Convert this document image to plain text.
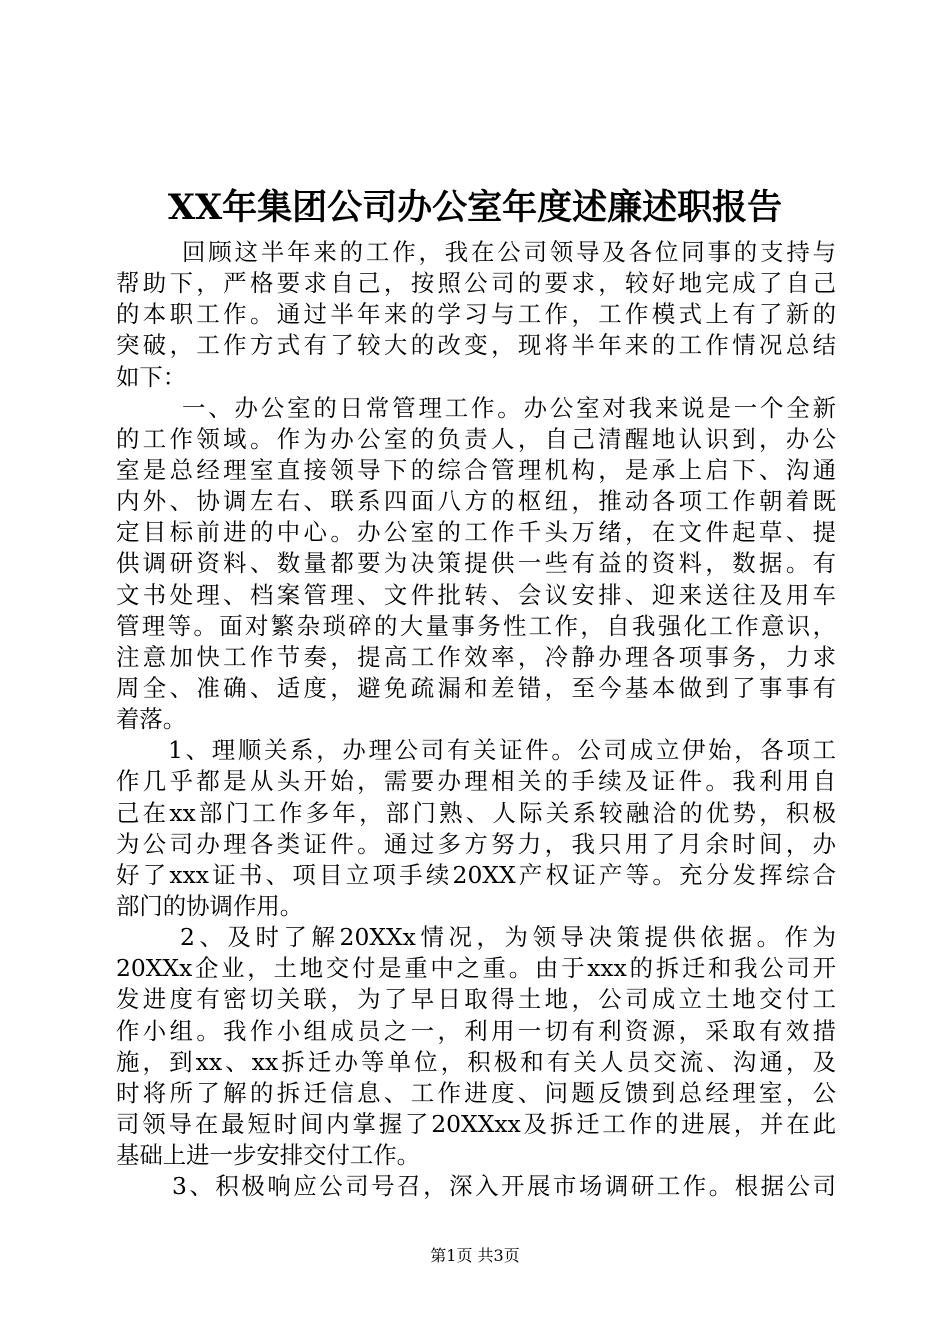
XX年集团公司办公室年度述廉述职报告
回顾这半年来的工作，我在公司领导及各位同事的支持与
帮助下，严格要求自己，按照公司的要求，较好地完成了自己
的本职工作。通过半年来的学习与工作，工作模式上有了新的
突破，工作方式有了较大的改变，现将半年来的工作情况总结
如下：
一、办公室的日常管理工作。办公室对我来说是一个全新
的工作领域。作为办公室的负责人，自己清醒地认识到，办公
室是总经理室直接领导下的综合管理机构，是承上启下、沟通
内外、协调左右、联系四面八方的枢纽，推动各项工作朝着既
定目标前进的中心。办公室的工作千头万绪，在文件起草、提
供调研资料、数量都要为决策提供一些有益的资料，数据。有
文书处理、档案管理、文件批转、会议安排、迎来送往及用车
管理等。面对繁杂琐碎的大量事务性工作，自我强化工作意识，
注意加快工作节奏，提高工作效率，冷静办理各项事务，力求
周全、准确、适度，避免疏漏和差错，至今基本做到了事事有
着落。
1、理顺关系，办理公司有关证件。公司成立伊始，各项工
作几乎都是从头开始，需要办理相关的手续及证件。我利用自
己在xx部门工作多年，部门熟、人际关系较融洽的优势，积极
为公司办理各类证件。通过多方努力，我只用了月余时间，办
好了xxx证书、项目立项手续20XX产权证产等。充分发挥综合
部门的协调作用。
2、及时了解20XXx情况，为领导决策提供依据。作为
20XXx企业，土地交付是重中之重。由于xxx的拆迁和我公司开
发进度有密切关联，为了早日取得土地，公司成立土地交付工
作小组。我作小组成员之一，利用一切有利资源，采取有效措
施，到xx、xx拆迁办等单位，积极和有关人员交流、沟通，及
时将所了解的拆迁信息、工作进度、问题反馈到总经理室，公
司领导在最短时间内掌握了20XXxx及拆迁工作的进展，并在此
基础上进一步安排交付工作。
3、积极响应公司号召，深入开展市场调研工作。根据公司
第1页 共3页
